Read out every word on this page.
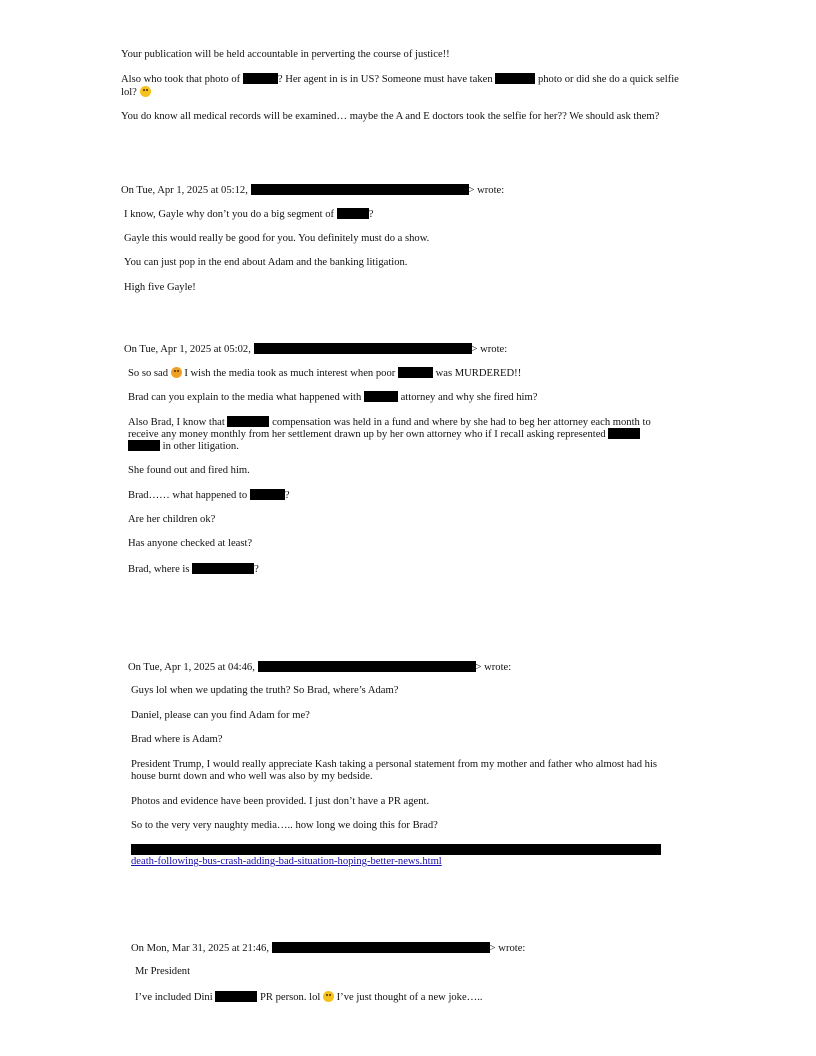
Your publication will be held accountable in perverting the course of justice!!
Also who took that photo of	? Her agent in is in US? Someone must have taken	photo or did she do a quick selfie
lol?
You do know all medical records will be examined… maybe the A and E doctors took the selfie for her?? We should ask them?
On Tue, Apr 1, 2025 at 05:12,	> wrote:
I know, Gayle why don’t you do a big segment of	?
Gayle this would really be good for you. You definitely must do a show.
You can just pop in the end about Adam and the banking litigation.
High five Gayle!
On Tue, Apr 1, 2025 at 05:02,	> wrote:
So so sad I wish the media took as much interest when poor	was MURDERED!!
Brad can you explain to the media what happened with	attorney and why she fired him?
Also Brad, I know that	compensation was held in a fund and where by she had to beg her attorney each month to
receive any money monthly from her settlement drawn up by her own attorney who if I recall asking represented
in other litigation.
She found out and fired him.
Brad…… what happened to	?
Are her children ok?
Has anyone checked at least?
Brad, where is	?
On Tue, Apr 1, 2025 at 04:46,	> wrote:
Guys lol when we updating the truth? So Brad, where’s Adam?
Daniel, please can you find Adam for me?
Brad where is Adam?
President Trump, I would really appreciate Kash taking a personal statement from my mother and father who almost had his
house burnt down and who well was also by my bedside.
Photos and evidence have been provided. I just don’t have a PR agent.
So to the very very naughty media….. how long we doing this for Brad?
death-following-bus-crash-adding-bad-situation-hoping-better-news.html
On Mon, Mar 31, 2025 at 21:46,	> wrote:
Mr President
I’ve included Dini	PR person. lol I’ve just thought of a new joke…..
